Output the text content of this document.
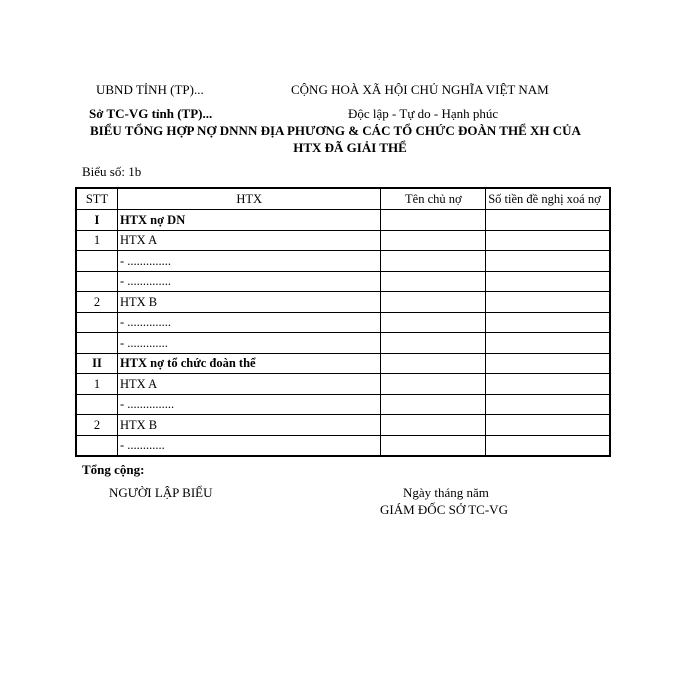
UBND TỈNH (TP)...	CỘNG HOÀ XÃ HỘI CHỦ NGHĨA VIỆT NAM
Sở TC-VG tỉnh (TP)...	Độc lập - Tự do - Hạnh phúc
BIỂU TỔNG HỢP NỢ DNNN ĐỊA PHƯƠNG & CÁC TỔ CHỨC ĐOÀN THỂ XH CỦA
HTX ĐÃ GIẢI THỂ
Biểu số: 1b
STT	HTX	Tên chủ nợ	Số tiền đề nghị xoá nợ
I	HTX nợ DN		
1	HTX A		
	- ..............		
	- ..............		
2	HTX B		
	- ..............		
	- .............		
II	HTX nợ tổ chức đoàn thể		
1	HTX A		
	- ...............		
2	HTX B		
	- ............		
Tổng cộng:
NGƯỜI LẬP BIỂU	Ngày tháng năm
GIÁM ĐỐC SỞ TC-VG
